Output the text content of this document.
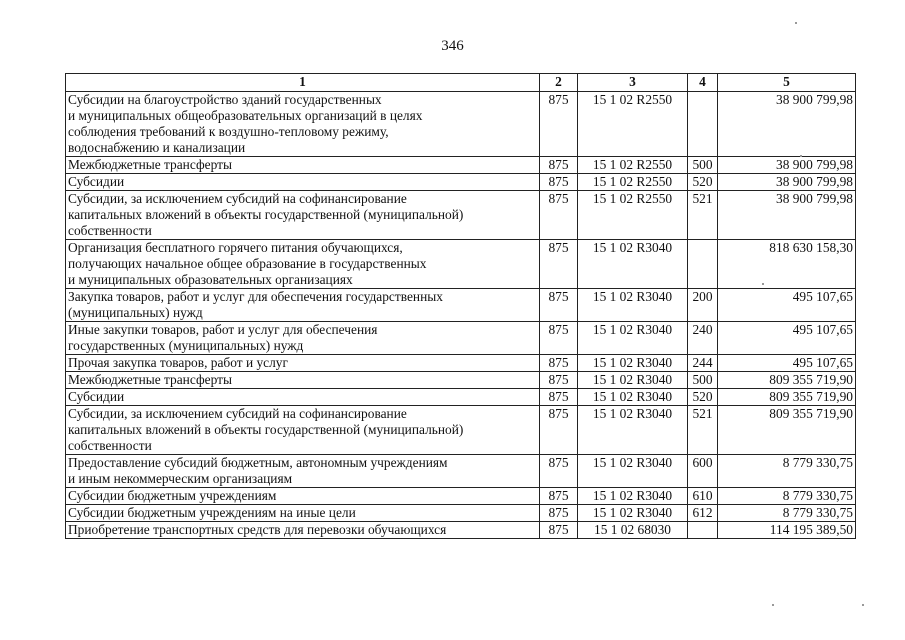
346
1	2	3	4	5
Субсидии на благоустройство зданий государственных
и муниципальных общеобразовательных организаций в целях
соблюдения требований к воздушно-тепловому режиму,
водоснабжению и канализации	875	15 1 02 R2550		38 900 799,98
Межбюджетные трансферты	875	15 1 02 R2550	500	38 900 799,98
Субсидии	875	15 1 02 R2550	520	38 900 799,98
Субсидии, за исключением субсидий на софинансирование
капитальных вложений в объекты государственной (муниципальной)
собственности	875	15 1 02 R2550	521	38 900 799,98
Организация бесплатного горячего питания обучающихся,
получающих начальное общее образование в государственных
и муниципальных образовательных организациях	875	15 1 02 R3040		818 630 158,30
Закупка товаров, работ и услуг для обеспечения государственных
(муниципальных) нужд	875	15 1 02 R3040	200	495 107,65
Иные закупки товаров, работ и услуг для обеспечения
государственных (муниципальных) нужд	875	15 1 02 R3040	240	495 107,65
Прочая закупка товаров, работ и услуг	875	15 1 02 R3040	244	495 107,65
Межбюджетные трансферты	875	15 1 02 R3040	500	809 355 719,90
Субсидии	875	15 1 02 R3040	520	809 355 719,90
Субсидии, за исключением субсидий на софинансирование
капитальных вложений в объекты государственной (муниципальной)
собственности	875	15 1 02 R3040	521	809 355 719,90
Предоставление субсидий бюджетным, автономным учреждениям
и иным некоммерческим организациям	875	15 1 02 R3040	600	8 779 330,75
Субсидии бюджетным учреждениям	875	15 1 02 R3040	610	8 779 330,75
Субсидии бюджетным учреждениям на иные цели	875	15 1 02 R3040	612	8 779 330,75
Приобретение транспортных средств для перевозки обучающихся	875	15 1 02 68030		114 195 389,50
